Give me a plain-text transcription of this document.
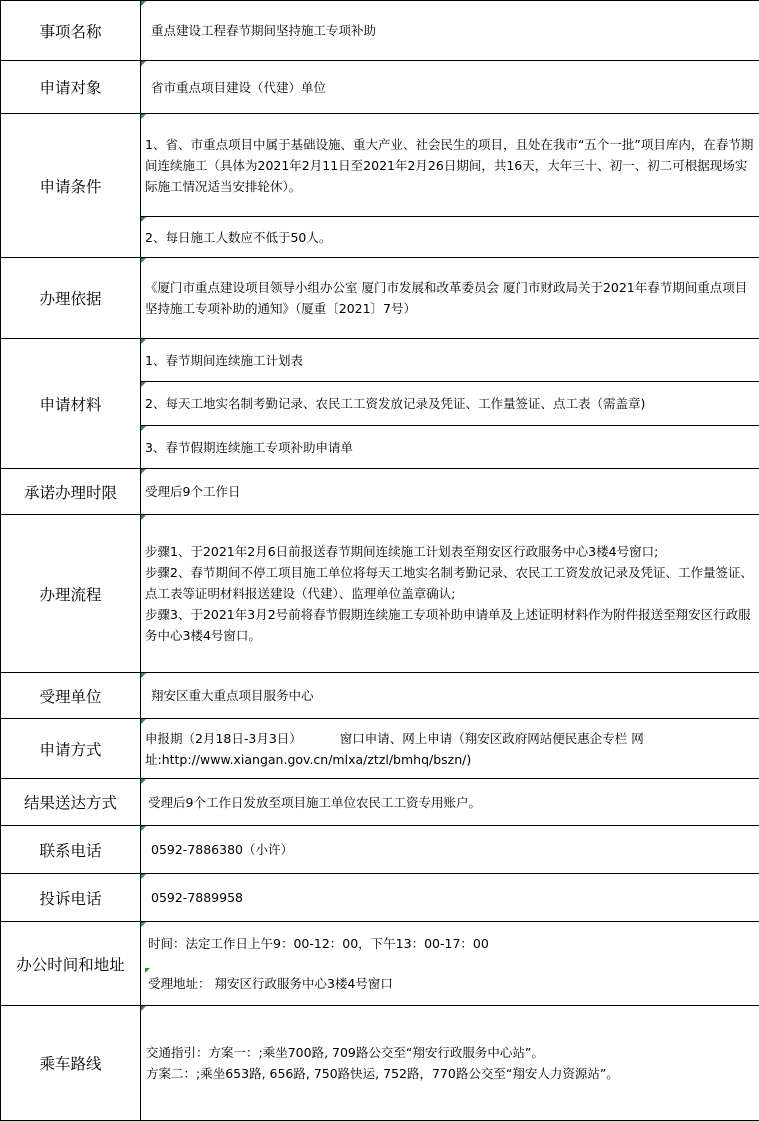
事项名称	重点建设工程春节期间坚持施工专项补助

申请对象	省市重点项目建设（代建）单位

申请条件	1、省、市重点项目中属于基础设施、重大产业、社会民生的项目，且处在我市“五个一批”项目库内，在春节期间连续施工（具体为2021年2月11日至2021年2月26日期间，共16天，大年三十、初一、初二可根据现场实际施工情况适当安排轮休）。

	2、每日施工人数应不低于50人。

办理依据	《厦门市重点建设项目领导小组办公室 厦门市发展和改革委员会 厦门市财政局关于2021年春节期间重点项目坚持施工专项补助的通知》（厦重〔2021〕7号）

申请材料	1、春节期间连续施工计划表

	2、每天工地实名制考勤记录、农民工工资发放记录及凭证、工作量签证、点工表（需盖章)

	3、春节假期连续施工专项补助申请单

承诺办理时限	受理后9个工作日

办理流程	步骤1、于2021年2月6日前报送春节期间连续施工计划表至翔安区行政服务中心3楼4号窗口;
步骤2、春节期间不停工项目施工单位将每天工地实名制考勤记录、农民工工资发放记录及凭证、工作量签证、点工表等证明材料报送建设（代建）、监理单位盖章确认;
步骤3、于2021年3月2号前将春节假期连续施工专项补助申请单及上述证明材料作为附件报送至翔安区行政服务中心3楼4号窗口。

受理单位	翔安区重大重点项目服务中心

申请方式	申报期（2月18日-3月3日） 窗口申请、网上申请（翔安区政府网站便民惠企专栏 网
址:http://www.xiangan.gov.cn/mlxa/ztzl/bmhq/bszn/)

结果送达方式	受理后9个工作日发放至项目施工单位农民工工资专用账户。

联系电话	0592-7886380（小许）

投诉电话	0592-7889958

办公时间和地址	时间：法定工作日上午9：00-12：00，下午13：00-17：00
受理地址： 翔安区行政服务中心3楼4号窗口

乘车路线	交通指引：方案一：;乘坐700路, 709路公交至“翔安行政服务中心站”。
方案二：;乘坐653路, 656路, 750路快运, 752路，770路公交至“翔安人力资源站”。
